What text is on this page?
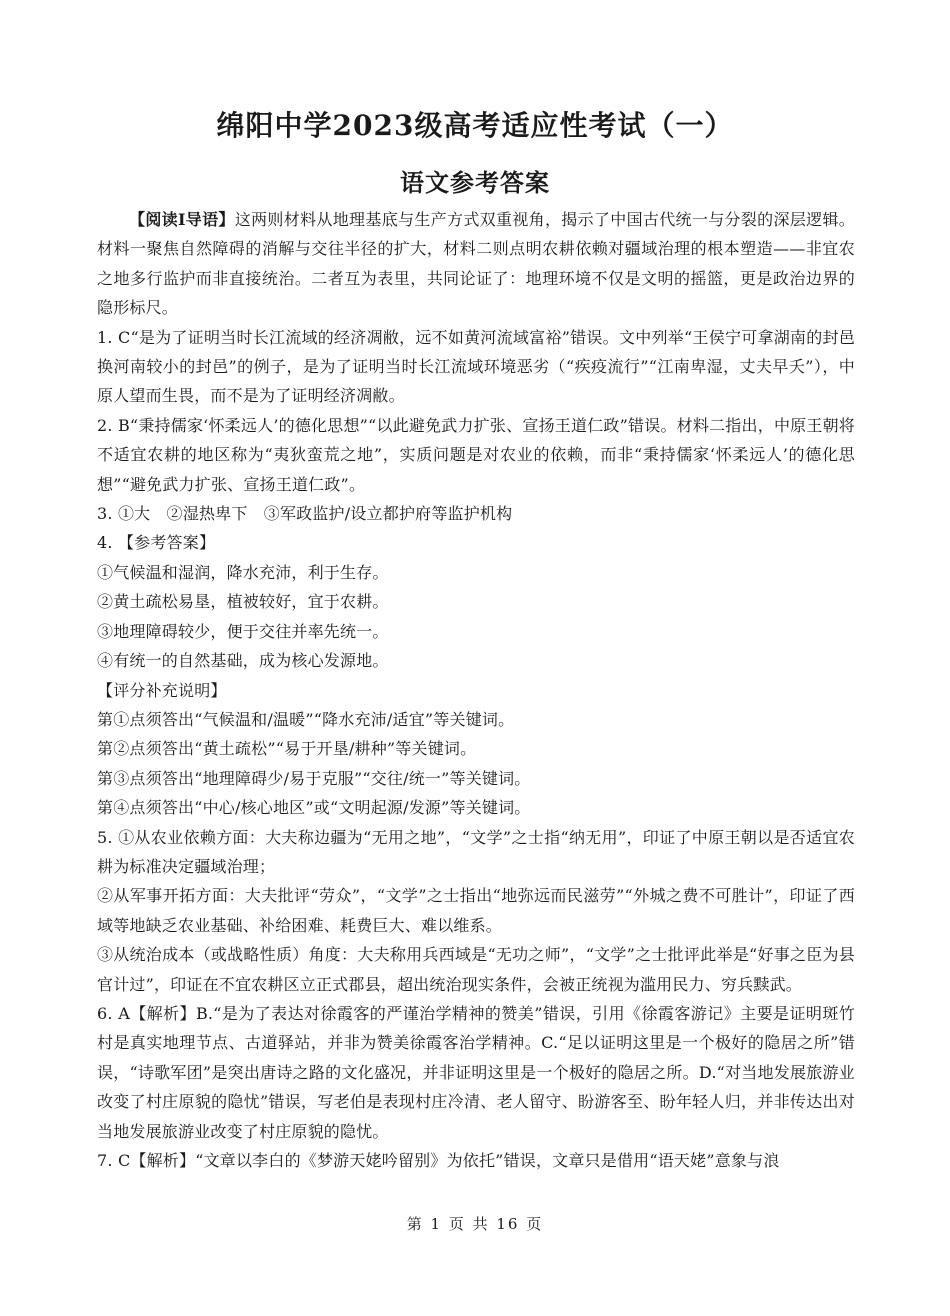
绵阳中学2023级高考适应性考试（一）
语文参考答案

【阅读I导语】这两则材料从地理基底与生产方式双重视角，揭示了中国古代统一与分裂的深层逻辑。材料一聚焦自然障碍的消解与交往半径的扩大，材料二则点明农耕依赖对疆域治理的根本塑造——非宜农之地多行监护而非直接统治。二者互为表里，共同论证了：地理环境不仅是文明的摇篮，更是政治边界的隐形标尺。

1. C“是为了证明当时长江流域的经济凋敝，远不如黄河流域富裕”错误。文中列举“王侯宁可拿湖南的封邑换河南较小的封邑”的例子，是为了证明当时长江流域环境恶劣（“疾疫流行”“江南卑湿，丈夫早夭”），中原人望而生畏，而不是为了证明经济凋敝。

2. B“秉持儒家‘怀柔远人’的德化思想”“以此避免武力扩张、宣扬王道仁政”错误。材料二指出，中原王朝将不适宜农耕的地区称为“夷狄蛮荒之地”，实质问题是对农业的依赖，而非“秉持儒家‘怀柔远人’的德化思想”“避免武力扩张、宣扬王道仁政”。

3. ①大　②湿热卑下　③军政监护/设立都护府等监护机构

4. 【参考答案】

①气候温和湿润，降水充沛，利于生存。

②黄土疏松易垦，植被较好，宜于农耕。

③地理障碍较少，便于交往并率先统一。

④有统一的自然基础，成为核心发源地。

【评分补充说明】

第①点须答出“气候温和/温暖”“降水充沛/适宜”等关键词。

第②点须答出“黄土疏松”“易于开垦/耕种”等关键词。

第③点须答出“地理障碍少/易于克服”“交往/统一”等关键词。

第④点须答出“中心/核心地区”或“文明起源/发源”等关键词。

5. ①从农业依赖方面：大夫称边疆为“无用之地”，“文学”之士指“纳无用”，印证了中原王朝以是否适宜农耕为标准决定疆域治理；

②从军事开拓方面：大夫批评“劳众”，“文学”之士指出“地弥远而民滋劳”“外城之费不可胜计”，印证了西域等地缺乏农业基础、补给困难、耗费巨大、难以维系。

③从统治成本（或战略性质）角度：大夫称用兵西域是“无功之师”，“文学”之士批评此举是“好事之臣为县官计过”，印证在不宜农耕区立正式郡县，超出统治现实条件，会被正统视为滥用民力、穷兵黩武。

6. A【解析】B.“是为了表达对徐霞客的严谨治学精神的赞美”错误，引用《徐霞客游记》主要是证明斑竹村是真实地理节点、古道驿站，并非为赞美徐霞客治学精神。C.“足以证明这里是一个极好的隐居之所”错误，“诗歌军团”是突出唐诗之路的文化盛况，并非证明这里是一个极好的隐居之所。D.“对当地发展旅游业改变了村庄原貌的隐忧”错误，写老伯是表现村庄冷清、老人留守、盼游客至、盼年轻人归，并非传达出对当地发展旅游业改变了村庄原貌的隐忧。

7. C【解析】“文章以李白的《梦游天姥吟留别》为依托”错误，文章只是借用“语天姥”意象与浪

第 1 页 共 16 页
